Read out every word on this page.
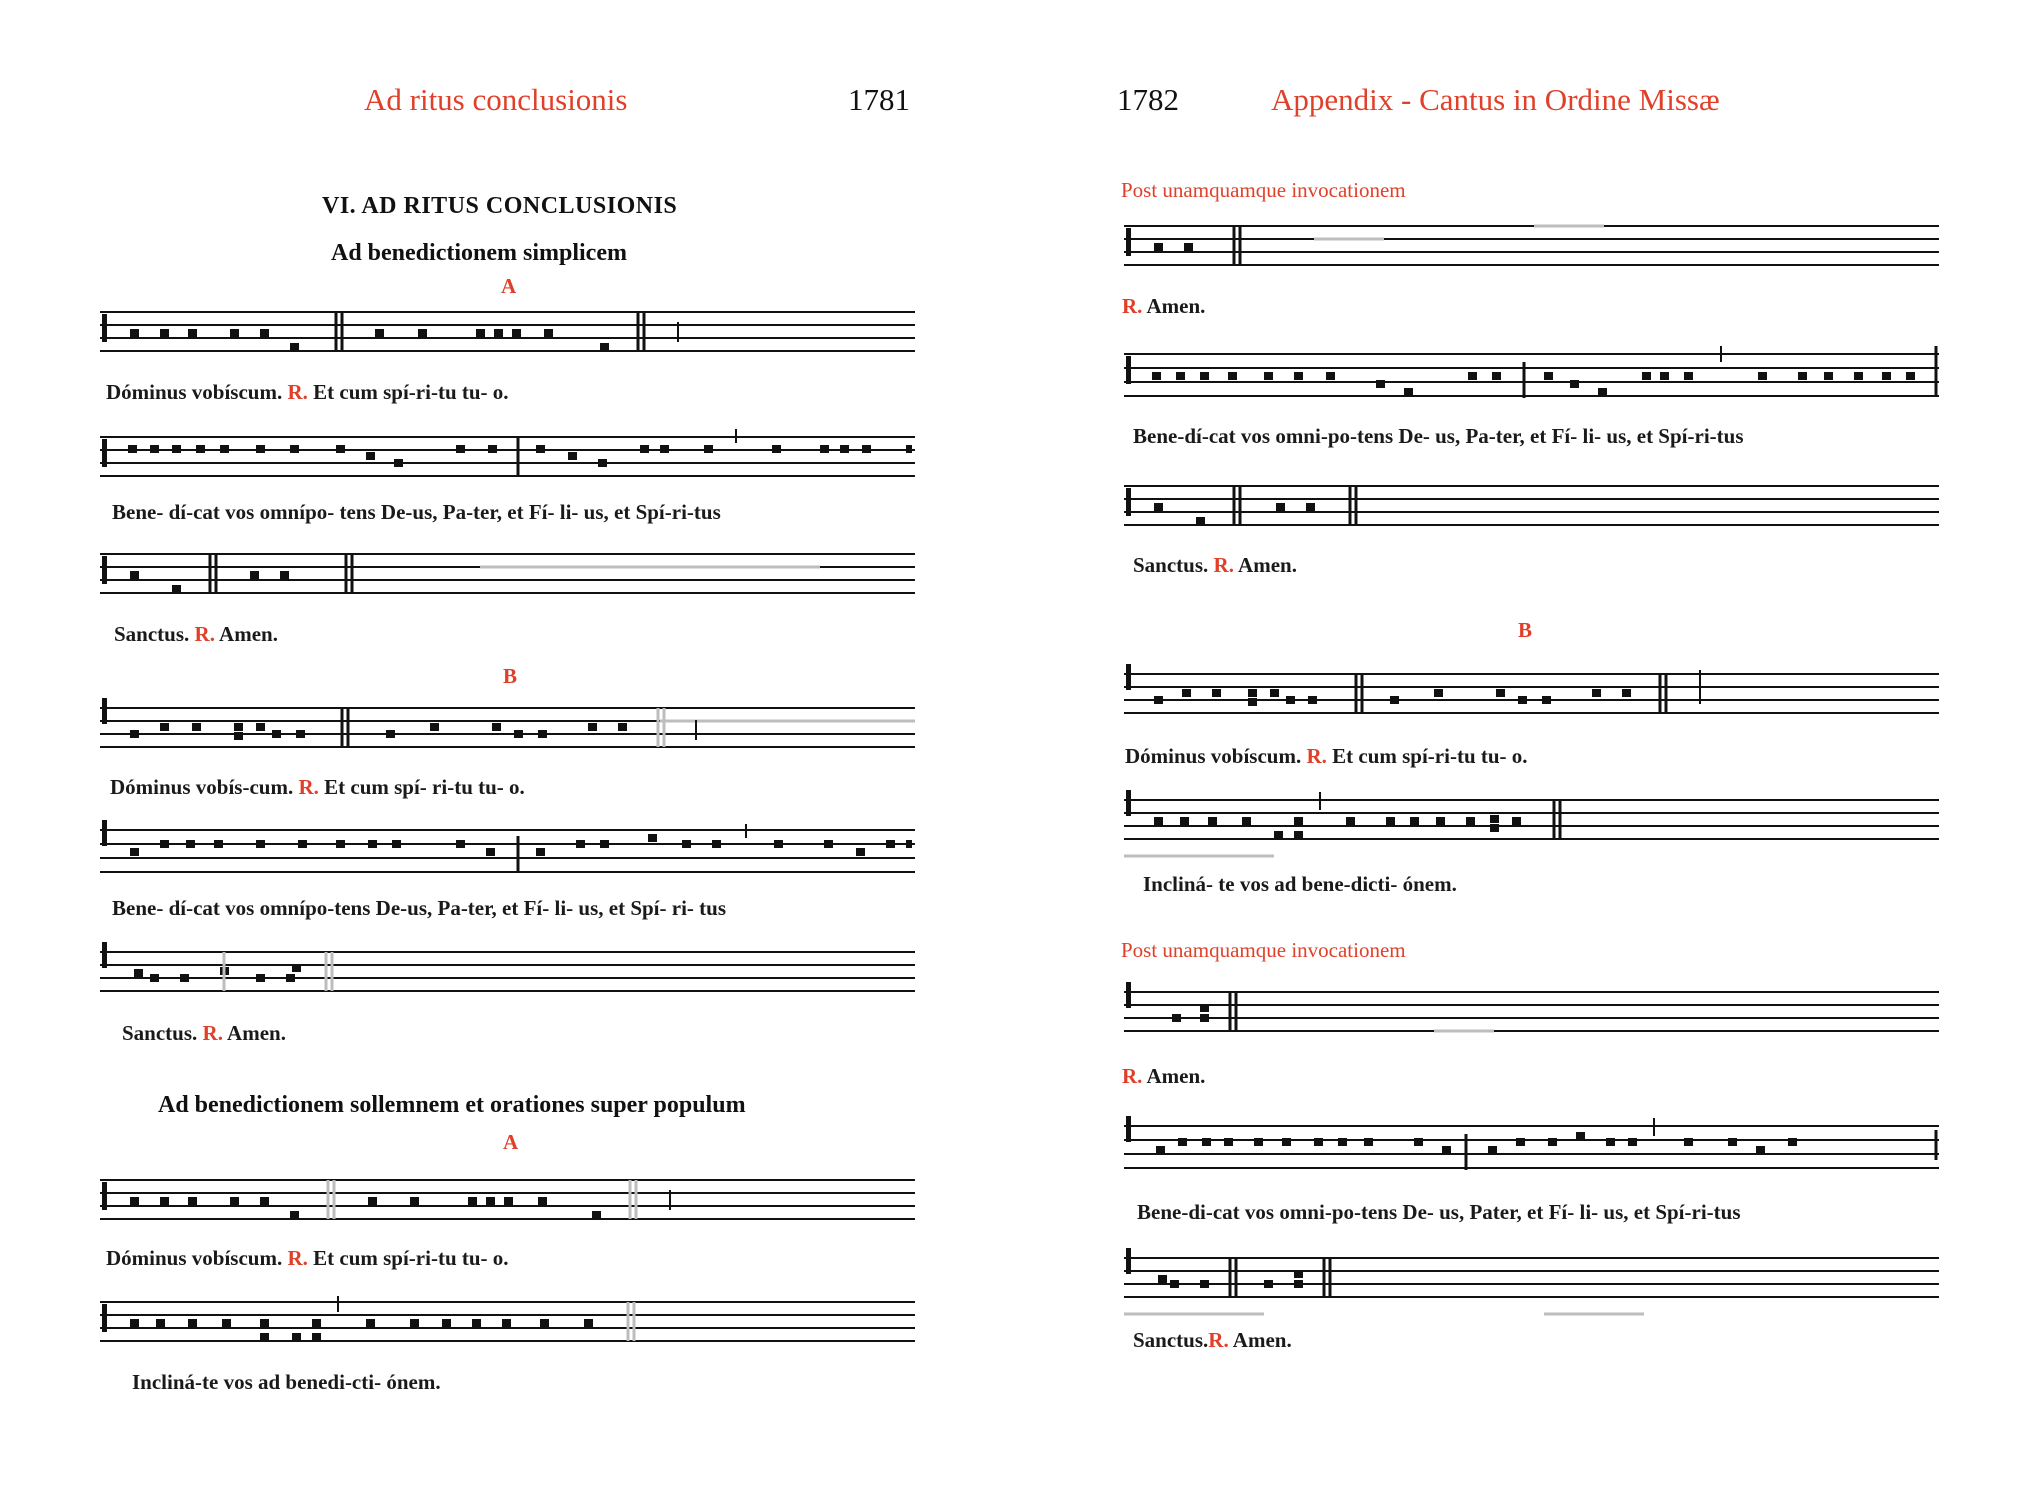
Ad ritus conclusionis	1781
VI. AD RITUS CONCLUSIONIS
Ad benedictionem simplicem
A
Dóminus vobíscum. R. Et cum spí-ri-tu tu- o.
Bene- dí-cat vos omnípo- tens De-us, Pa-ter, et Fí- li- us, et Spí-ri-tus
Sanctus. R. Amen.
B
Dóminus vobís-cum. R. Et cum spí- ri-tu tu- o.
Bene- dí-cat vos omnípo-tens De-us, Pa-ter, et Fí- li- us, et Spí- ri- tus
Sanctus. R. Amen.
Ad benedictionem sollemnem et orationes super populum
A
Dóminus vobíscum. R. Et cum spí-ri-tu tu- o.
Incliná-te vos ad benedi-cti- ónem.
1782	Appendix - Cantus in Ordine Missæ
Post unamquamque invocationem
R. Amen.
Bene-dí-cat vos omni-po-tens De- us, Pa-ter, et Fí- li- us, et Spí-ri-tus
Sanctus. R. Amen.
B
Dóminus vobíscum. R. Et cum spí-ri-tu tu- o.
Incliná- te vos ad bene-dicti- ónem.
Post unamquamque invocationem
R. Amen.
Bene-di-cat vos omni-po-tens De- us, Pater, et Fí- li- us, et Spí-ri-tus
Sanctus.R. Amen.
